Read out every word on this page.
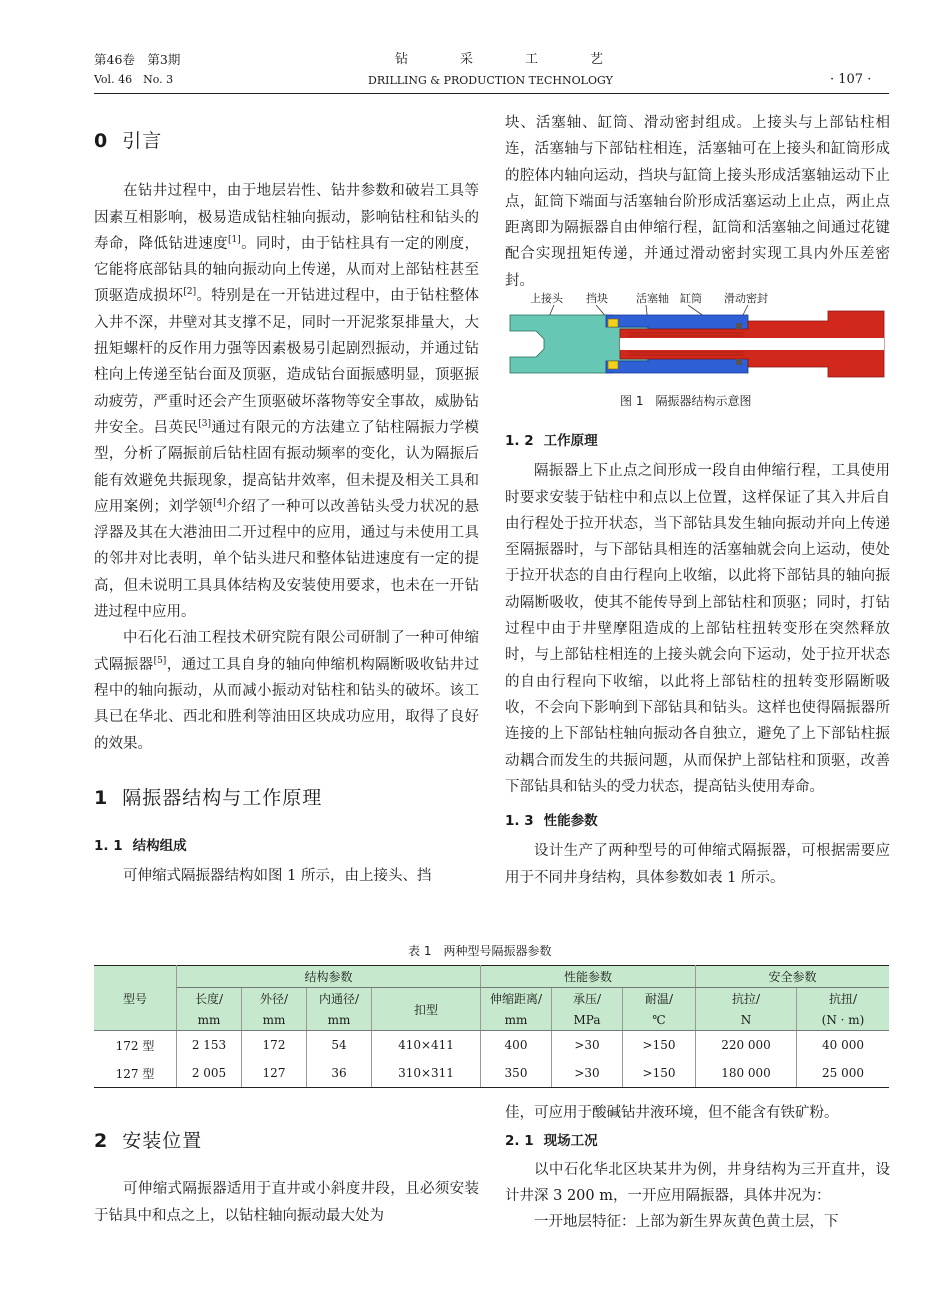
第46卷　第3期
Vol. 46　No. 3
钻　　　　采　　　　工　　　　艺
DRILLING & PRODUCTION TECHNOLOGY	· 107 ·
0 引言

在钻井过程中，由于地层岩性、钻井参数和破岩工具等因素互相影响，极易造成钻柱轴向振动，影响钻柱和钻头的寿命，降低钻进速度[1]。同时，由于钻柱具有一定的刚度，它能将底部钻具的轴向振动向上传递，从而对上部钻柱甚至顶驱造成损坏[2]。特别是在一开钻进过程中，由于钻柱整体入井不深，井壁对其支撑不足，同时一开泥浆泵排量大，大扭矩螺杆的反作用力强等因素极易引起剧烈振动，并通过钻柱向上传递至钻台面及顶驱，造成钻台面振感明显，顶驱振动疲劳，严重时还会产生顶驱破坏落物等安全事故，威胁钻井安全。吕英民[3]通过有限元的方法建立了钻柱隔振力学模型，分析了隔振前后钻柱固有振动频率的变化，认为隔振后能有效避免共振现象，提高钻井效率，但未提及相关工具和应用案例；刘学领[4]介绍了一种可以改善钻头受力状况的悬浮器及其在大港油田二开过程中的应用，通过与未使用工具的邻井对比表明，单个钻头进尺和整体钻进速度有一定的提高，但未说明工具具体结构及安装使用要求，也未在一开钻进过程中应用。

中石化石油工程技术研究院有限公司研制了一种可伸缩式隔振器[5]，通过工具自身的轴向伸缩机构隔断吸收钻井过程中的轴向振动，从而减小振动对钻柱和钻头的破坏。该工具已在华北、西北和胜利等油田区块成功应用，取得了良好的效果。

1 隔振器结构与工作原理
1. 1 结构组成

可伸缩式隔振器结构如图 1 所示，由上接头、挡

块、活塞轴、缸筒、滑动密封组成。上接头与上部钻柱相连，活塞轴与下部钻柱相连，活塞轴可在上接头和缸筒形成的腔体内轴向运动，挡块与缸筒上接头形成活塞轴运动下止点，缸筒下端面与活塞轴台阶形成活塞运动上止点，两止点距离即为隔振器自由伸缩行程，缸筒和活塞轴之间通过花键配合实现扭矩传递，并通过滑动密封实现工具内外压差密封。

上接头 挡块	活塞轴 缸筒 滑动密封
图 1　隔振器结构示意图
1. 2 工作原理

隔振器上下止点之间形成一段自由伸缩行程，工具使用时要求安装于钻柱中和点以上位置，这样保证了其入井后自由行程处于拉开状态，当下部钻具发生轴向振动并向上传递至隔振器时，与下部钻具相连的活塞轴就会向上运动，使处于拉开状态的自由行程向上收缩，以此将下部钻具的轴向振动隔断吸收，使其不能传导到上部钻柱和顶驱；同时，打钻过程中由于井壁摩阻造成的上部钻柱扭转变形在突然释放时，与上部钻柱相连的上接头就会向下运动，处于拉开状态的自由行程向下收缩，以此将上部钻柱的扭转变形隔断吸收，不会向下影响到下部钻具和钻头。这样也使得隔振器所连接的上下部钻柱轴向振动各自独立，避免了上下部钻柱振动耦合而发生的共振问题，从而保护上部钻柱和顶驱，改善下部钻具和钻头的受力状态，提高钻头使用寿命。

1. 3 性能参数

设计生产了两种型号的可伸缩式隔振器，可根据需要应用于不同井身结构，具体参数如表 1 所示。

表 1　两种型号隔振器参数
型号	结构参数				性能参数			安全参数	
	长度/	外径/	内通径/	扣型	伸缩距离/	承压/	耐温/	抗拉/	抗扭/
	mm	mm	mm		mm	MPa	℃	N	(N · m)
172 型	2 153	172	54	410×411	400	>30	>150	220 000	40 000
127 型	2 005	127	36	310×311	350	>30	>150	180 000	25 000
2 安装位置

可伸缩式隔振器适用于直井或小斜度井段，且必须安装于钻具中和点之上，以钻柱轴向振动最大处为

佳，可应用于酸碱钻井液环境，但不能含有铁矿粉。

2. 1 现场工况

以中石化华北区块某井为例，井身结构为三开直井，设计井深 3 200 m，一开应用隔振器，具体井况为：

一开地层特征：上部为新生界灰黄色黄土层，下
